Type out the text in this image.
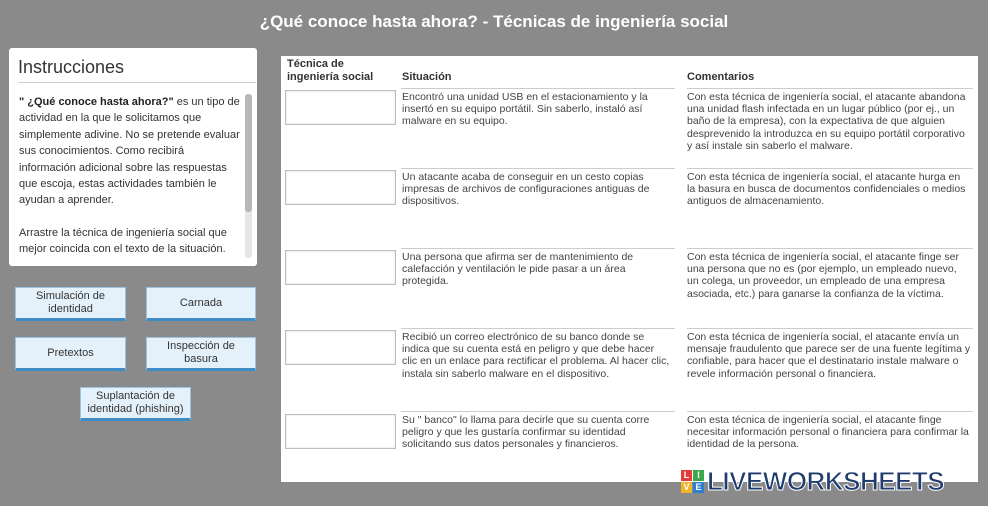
¿Qué conoce hasta ahora? - Técnicas de ingeniería social
Instrucciones

" ¿Qué conoce hasta ahora?" es un tipo de actividad en la que le solicitamos que simplemente adivine. No se pretende evaluar sus conocimientos. Como recibirá información adicional sobre las respuestas que escoja, estas actividades también le ayudan a aprender.

Arrastre la técnica de ingeniería social que mejor coincida con el texto de la situación.

Simulación de identidad
Carnada
Pretextos
Inspección de basura
Suplantación de identidad (phishing)
Técnica de ingeniería social	Situación	Comentarios
Encontró una unidad USB en el estacionamiento y la insertó en su equipo portátil. Sin saberlo, instaló así malware en su equipo.
Con esta técnica de ingeniería social, el atacante abandona una unidad flash infectada en un lugar público (por ej., un baño de la empresa), con la expectativa de que alguien desprevenido la introduzca en su equipo portátil corporativo y así instale sin saberlo el malware.
Un atacante acaba de conseguir en un cesto copias impresas de archivos de configuraciones antiguas de dispositivos.
Con esta técnica de ingeniería social, el atacante hurga en la basura en busca de documentos confidenciales o medios antiguos de almacenamiento.
Una persona que afirma ser de mantenimiento de calefacción y ventilación le pide pasar a un área protegida.
Con esta técnica de ingeniería social, el atacante finge ser una persona que no es (por ejemplo, un empleado nuevo, un colega, un proveedor, un empleado de una empresa asociada, etc.) para ganarse la confianza de la víctima.
Recibió un correo electrónico de su banco donde se indica que su cuenta está en peligro y que debe hacer clic en un enlace para rectificar el problema. Al hacer clic, instala sin saberlo malware en el dispositivo.
Con esta técnica de ingeniería social, el atacante envía un mensaje fraudulento que parece ser de una fuente legítima y confiable, para hacer que el destinatario instale malware o revele información personal o financiera.
Su " banco" lo llama para decirle que su cuenta corre peligro y que les gustaría confirmar su identidad solicitando sus datos personales y financieros.
Con esta técnica de ingeniería social, el atacante finge necesitar información personal o financiera para confirmar la identidad de la persona.
L I
V E LIVEWORKSHEETS
